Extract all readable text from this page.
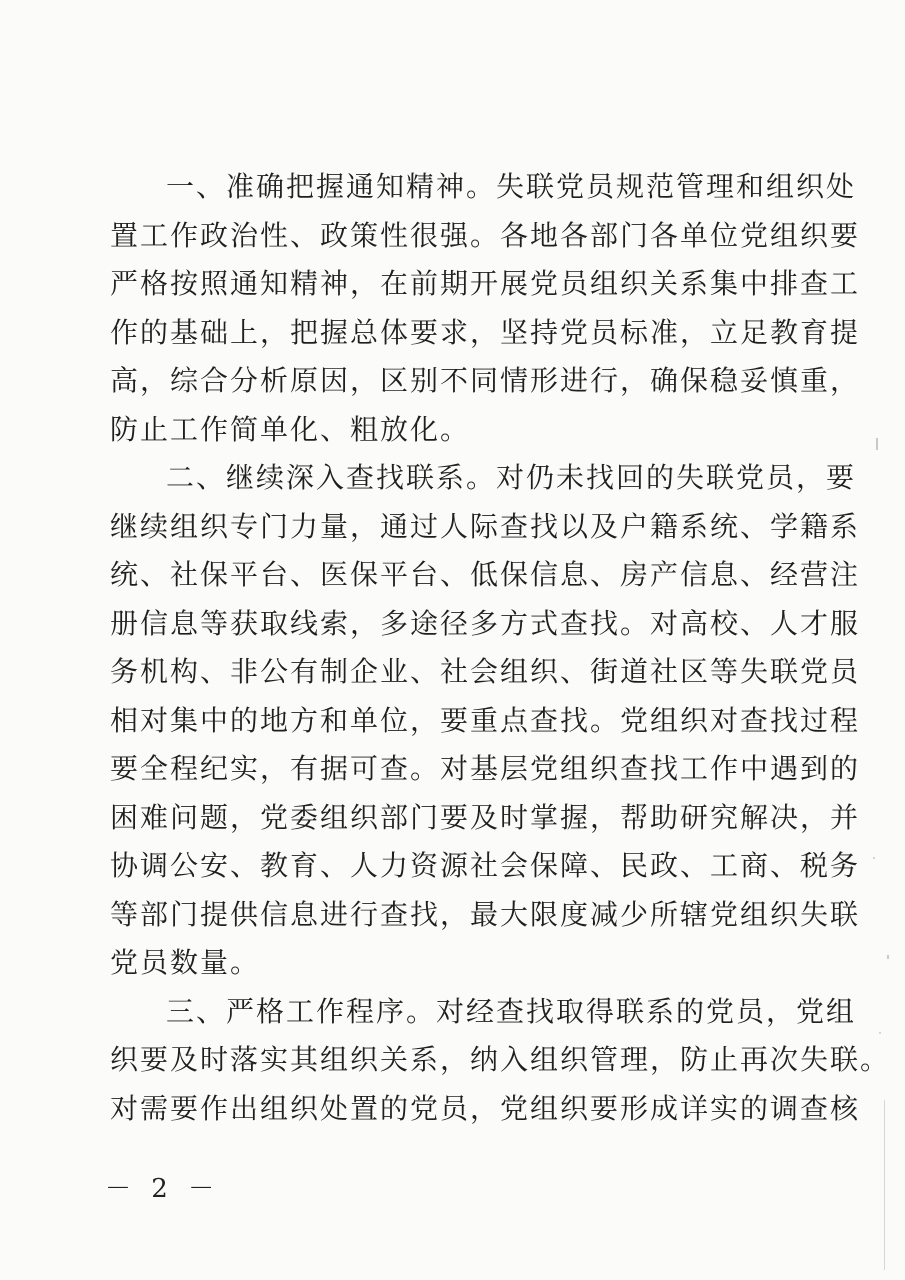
一、准确把握通知精神。失联党员规范管理和组织处
置工作政治性、政策性很强。各地各部门各单位党组织要
严格按照通知精神，在前期开展党员组织关系集中排查工
作的基础上，把握总体要求，坚持党员标准，立足教育提
高，综合分析原因，区别不同情形进行，确保稳妥慎重，
防止工作简单化、粗放化。
二、继续深入查找联系。对仍未找回的失联党员，要
继续组织专门力量，通过人际查找以及户籍系统、学籍系
统、社保平台、医保平台、低保信息、房产信息、经营注
册信息等获取线索，多途径多方式查找。对高校、人才服
务机构、非公有制企业、社会组织、街道社区等失联党员
相对集中的地方和单位，要重点查找。党组织对查找过程
要全程纪实，有据可查。对基层党组织查找工作中遇到的
困难问题，党委组织部门要及时掌握，帮助研究解决，并
协调公安、教育、人力资源社会保障、民政、工商、税务
等部门提供信息进行查找，最大限度减少所辖党组织失联
党员数量。
三、严格工作程序。对经查找取得联系的党员，党组
织要及时落实其组织关系，纳入组织管理，防止再次失联。
对需要作出组织处置的党员，党组织要形成详实的调查核
－ 2 －
